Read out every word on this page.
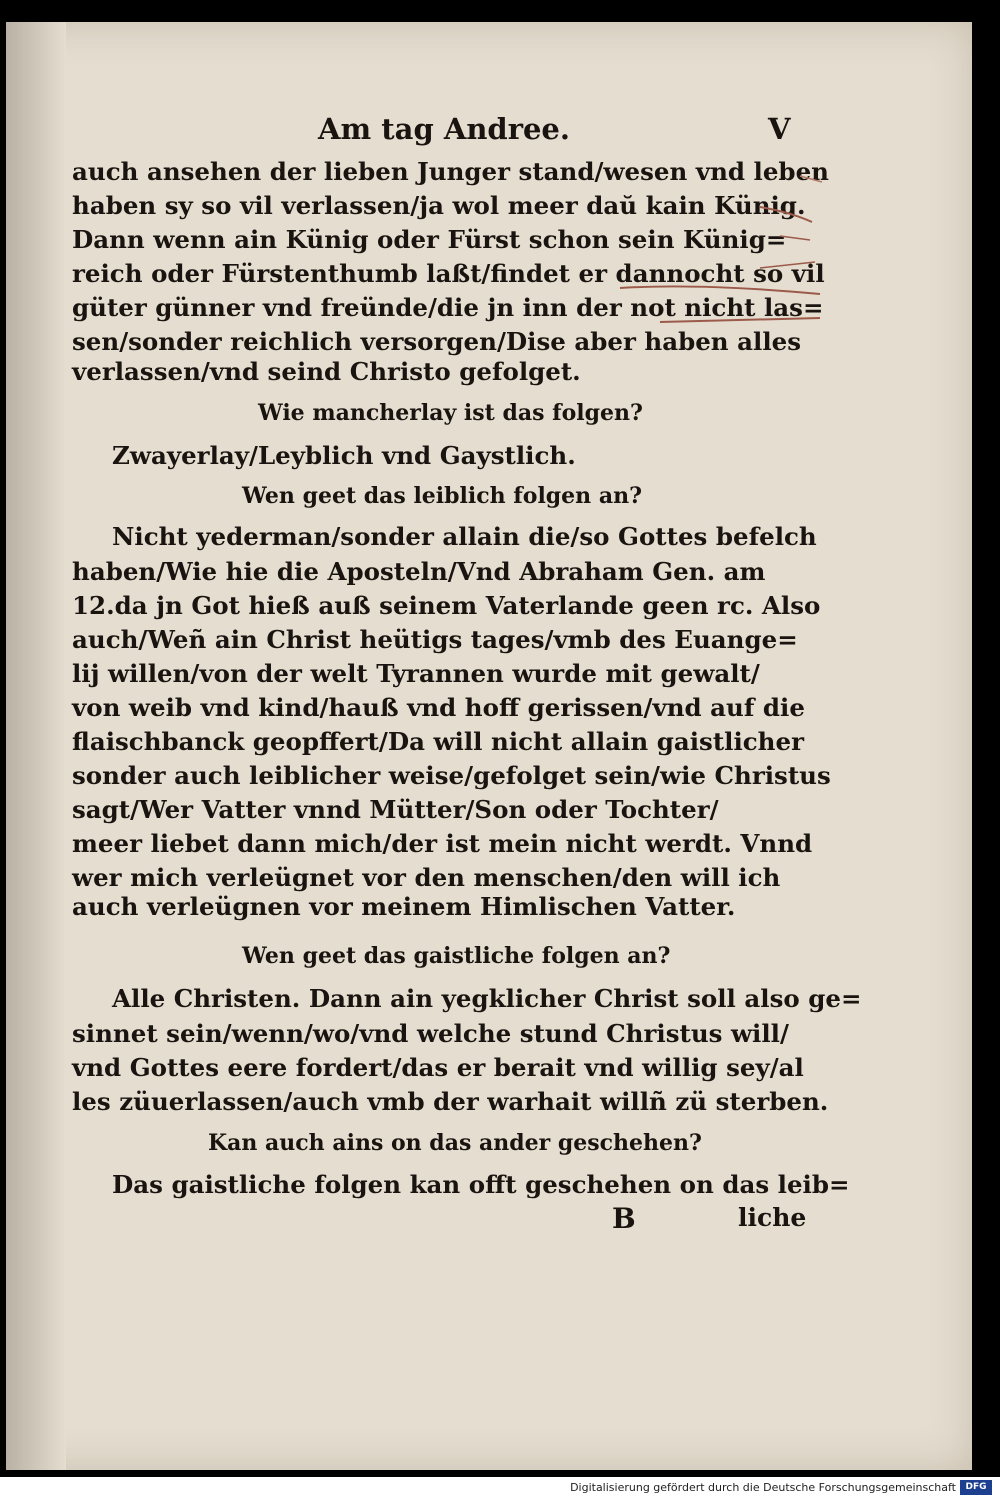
Am tag Andree.	V
auch ansehen der lieben Junger stand/wesen vnd leben
haben sy so vil verlassen/ja wol meer daŭ kain Künig.
Dann wenn ain Künig oder Fürst schon sein Künig=
reich oder Fürstenthumb laßt/findet er dannocht so vil
güter günner vnd freünde/die jn inn der not nicht las=
sen/sonder reichlich versorgen/Dise aber haben alles
verlassen/vnd seind Christo gefolget.
Wie mancherlay ist das folgen?
Zwayerlay/Leyblich vnd Gaystlich.
Wen geet das leiblich folgen an?
Nicht yederman/sonder allain die/so Gottes befelch
haben/Wie hie die Aposteln/Vnd Abraham Gen. am
12.da jn Got hieß auß seinem Vaterlande geen rc. Also
auch/Weñ ain Christ heütigs tages/vmb des Euange=
lij willen/von der welt Tyrannen wurde mit gewalt/
von weib vnd kind/hauß vnd hoff gerissen/vnd auf die
flaischbanck geopffert/Da will nicht allain gaistlicher
sonder auch leiblicher weise/gefolget sein/wie Christus
sagt/Wer Vatter vnnd Mütter/Son oder Tochter/
meer liebet dann mich/der ist mein nicht werdt. Vnnd
wer mich verleügnet vor den menschen/den will ich
auch verleügnen vor meinem Himlischen Vatter.
Wen geet das gaistliche folgen an?
Alle Christen. Dann ain yegklicher Christ soll also ge=
sinnet sein/wenn/wo/vnd welche stund Christus will/
vnd Gottes eere fordert/das er berait vnd willig sey/al
les züuerlassen/auch vmb der warhait willñ zü sterben.
Kan auch ains on das ander geschehen?
Das gaistliche folgen kan offt geschehen on das leib=
B	liche
Digitalisierung gefördert durch die Deutsche Forschungsgemeinschaft	DFG
